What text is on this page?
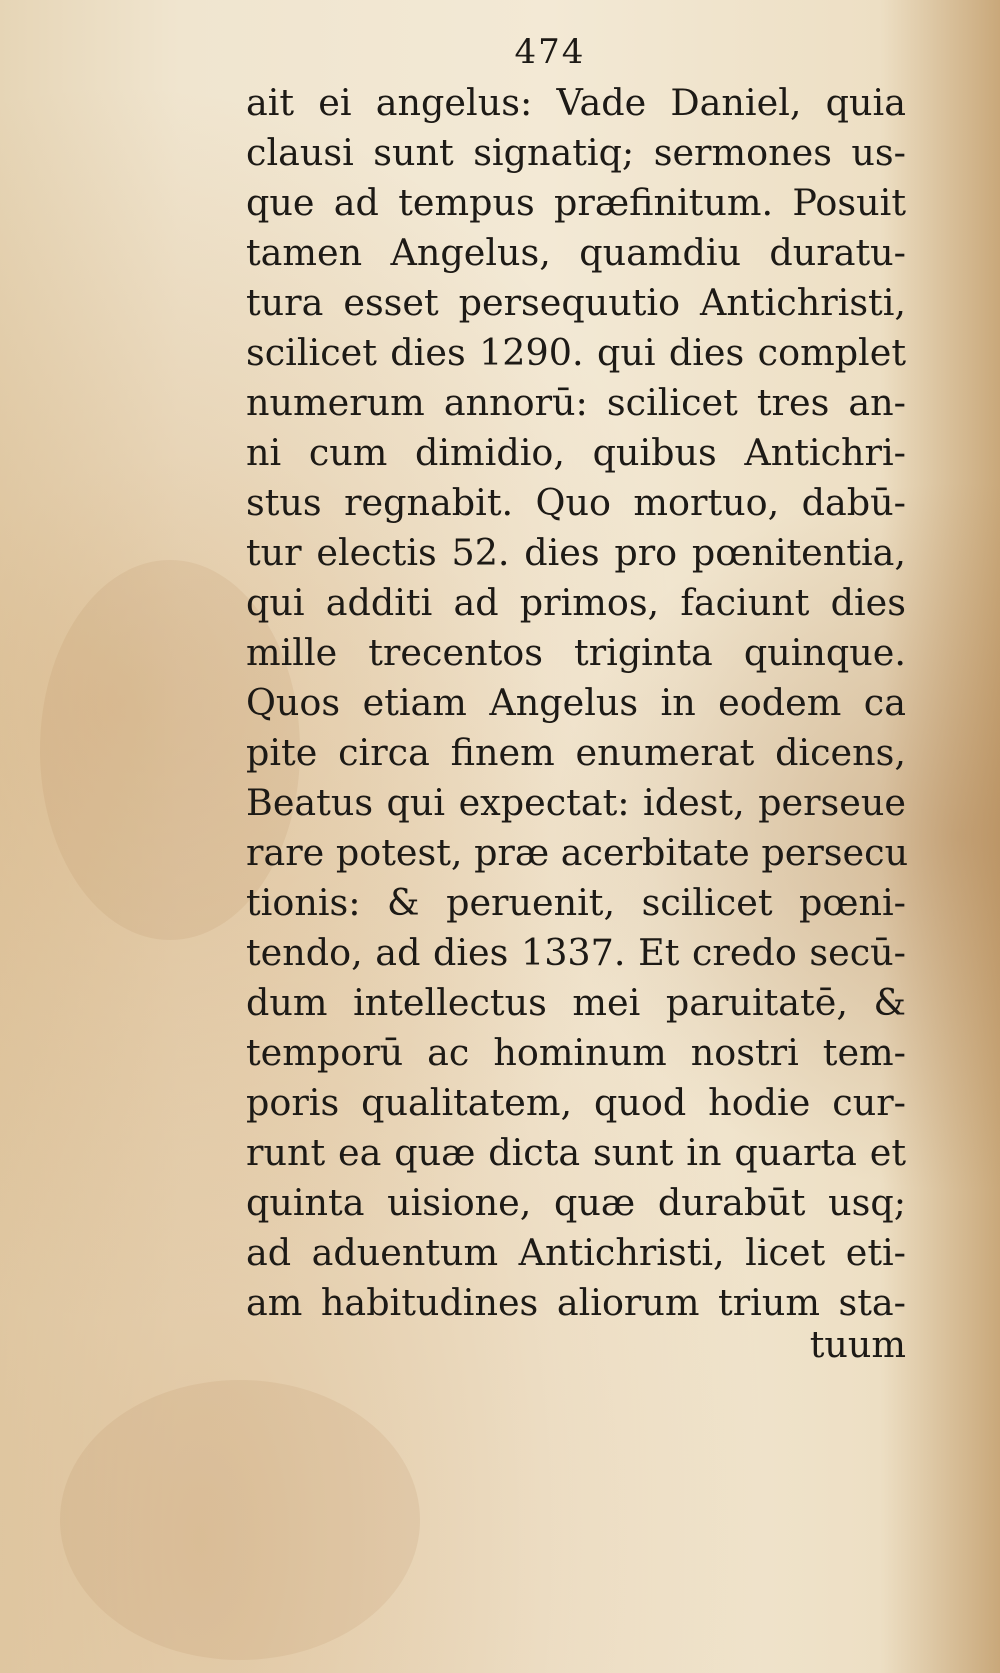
474
ait ei angelus: Vade Daniel, quia
clausi sunt signatiq; sermones us-
que ad tempus præfinitum. Posuit
tamen Angelus, quamdiu duratu-
tura esset persequutio Antichristi,
scilicet dies 1290. qui dies complet
numerum annorū: scilicet tres an-
ni cum dimidio, quibus Antichri-
stus regnabit. Quo mortuo, dabū-
tur electis 52. dies pro pœnitentia,
qui additi ad primos, faciunt dies
mille trecentos triginta quinque.
Quos etiam Angelus in eodem ca
pite circa finem enumerat dicens,
Beatus qui expectat: idest, perseue
rare potest, præ acerbitate persecu
tionis: & peruenit, scilicet pœni-
tendo, ad dies 1337. Et credo secū-
dum intellectus mei paruitatē, &
temporū ac hominum nostri tem-
poris qualitatem, quod hodie cur-
runt ea quæ dicta sunt in quarta et
quinta uisione, quæ durabūt usq;
ad aduentum Antichristi, licet eti-
am habitudines aliorum trium sta-
tuum
